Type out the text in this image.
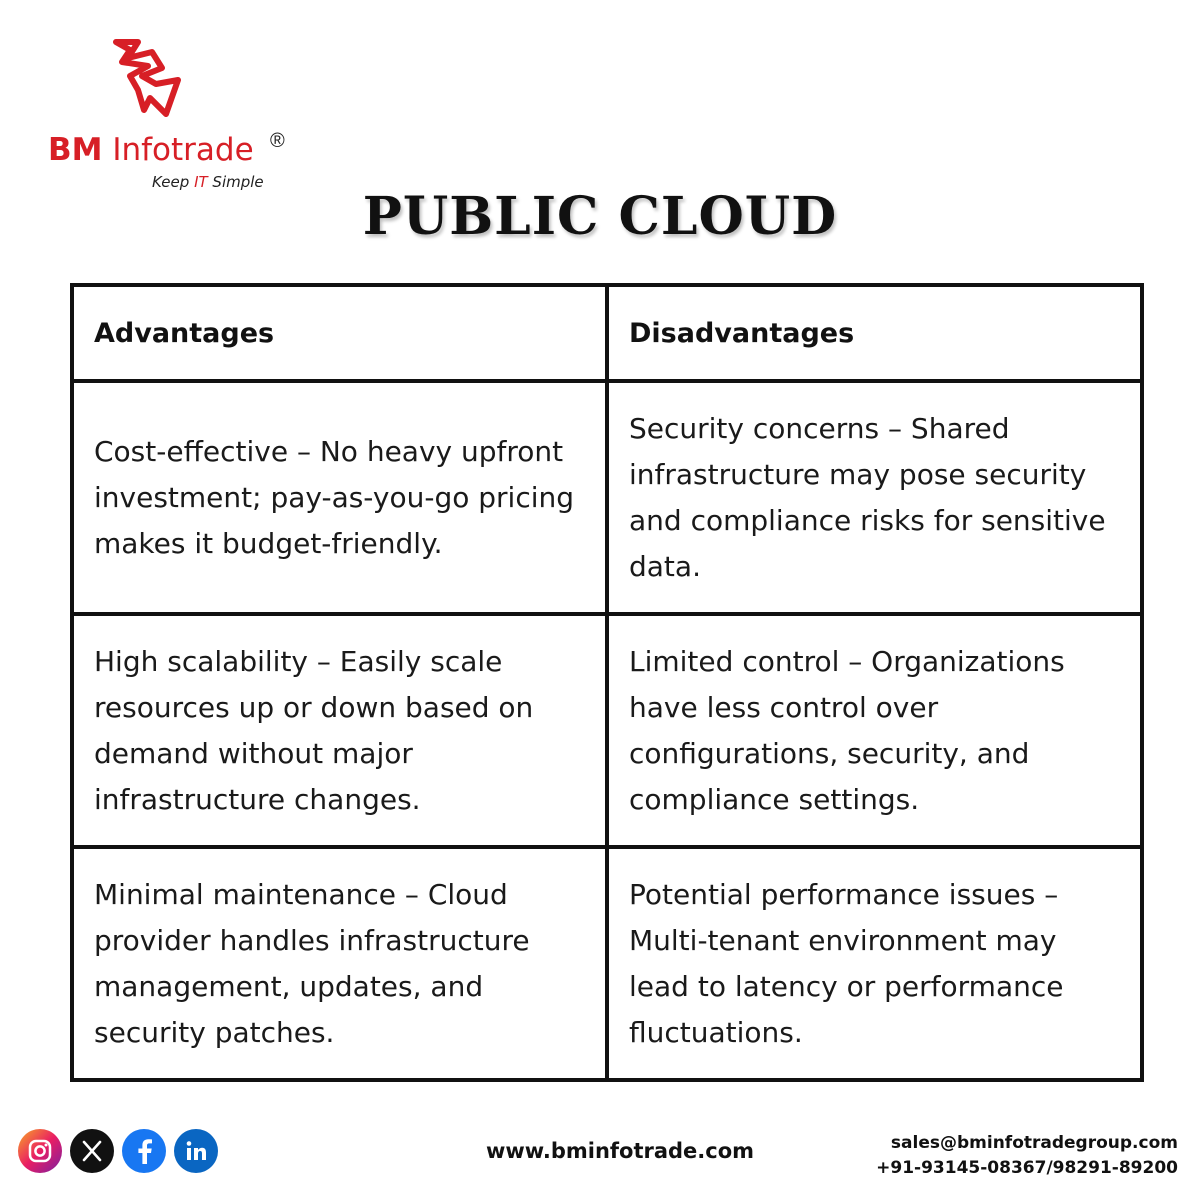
BM Infotrade ®
Keep IT Simple
PUBLIC CLOUD
Advantages	Disadvantages
Cost-effective – No heavy upfront investment; pay-as-you-go pricing makes it budget-friendly.	Security concerns – Shared infrastructure may pose security and compliance risks for sensitive data.
High scalability – Easily scale resources up or down based on demand without major infrastructure changes.	Limited control – Organizations have less control over configurations, security, and compliance settings.
Minimal maintenance – Cloud provider handles infrastructure management, updates, and security patches.	Potential performance issues – Multi-tenant environment may lead to latency or performance fluctuations.
www.bminfotrade.com	sales@bminfotradegroup.com
+91-93145-08367/98291-89200
